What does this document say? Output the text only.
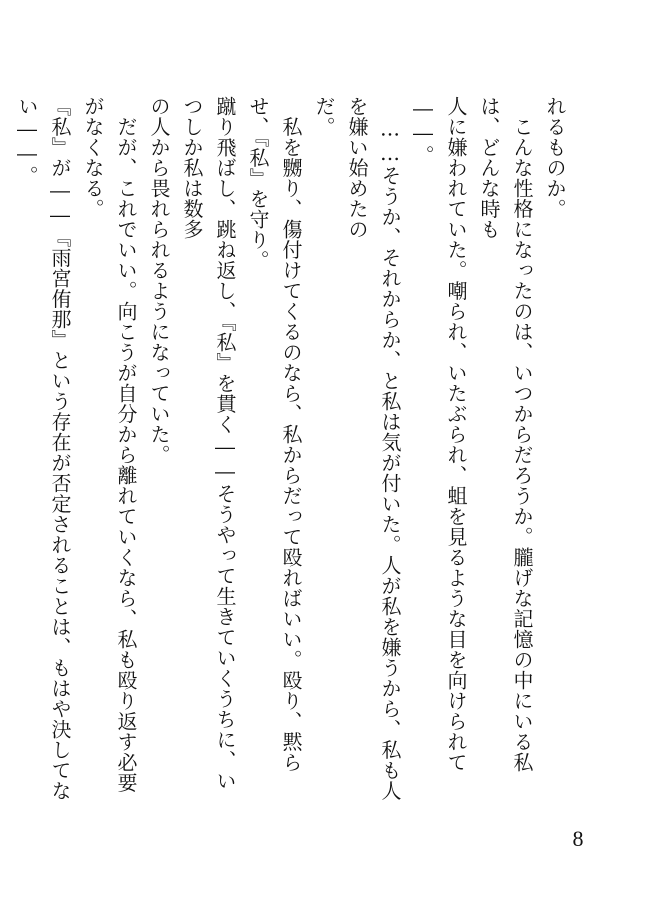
れるものか。

　こんな性格になったのは、いつからだろうか。朧げな記憶の中にいる私は、どんな時も

人に嫌われていた。嘲られ、いたぶられ、蛆を見るような目を向けられて――。

　……そうか、それからか、と私は気が付いた。人が私を嫌うから、私も人を嫌い始めたの

だ。

　私を嬲り、傷付けてくるのなら、私からだって殴ればいい。殴り、黙らせ、『私』を守り。

蹴り飛ばし、跳ね返し、『私』を貫く――そうやって生きていくうちに、いつしか私は数多

の人から畏れられるようになっていた。

　だが、これでいい。向こうが自分から離れていくなら、私も殴り返す必要がなくなる。

『私』が――『雨宮侑那』という存在が否定されることは、もはや決してない――。

8
